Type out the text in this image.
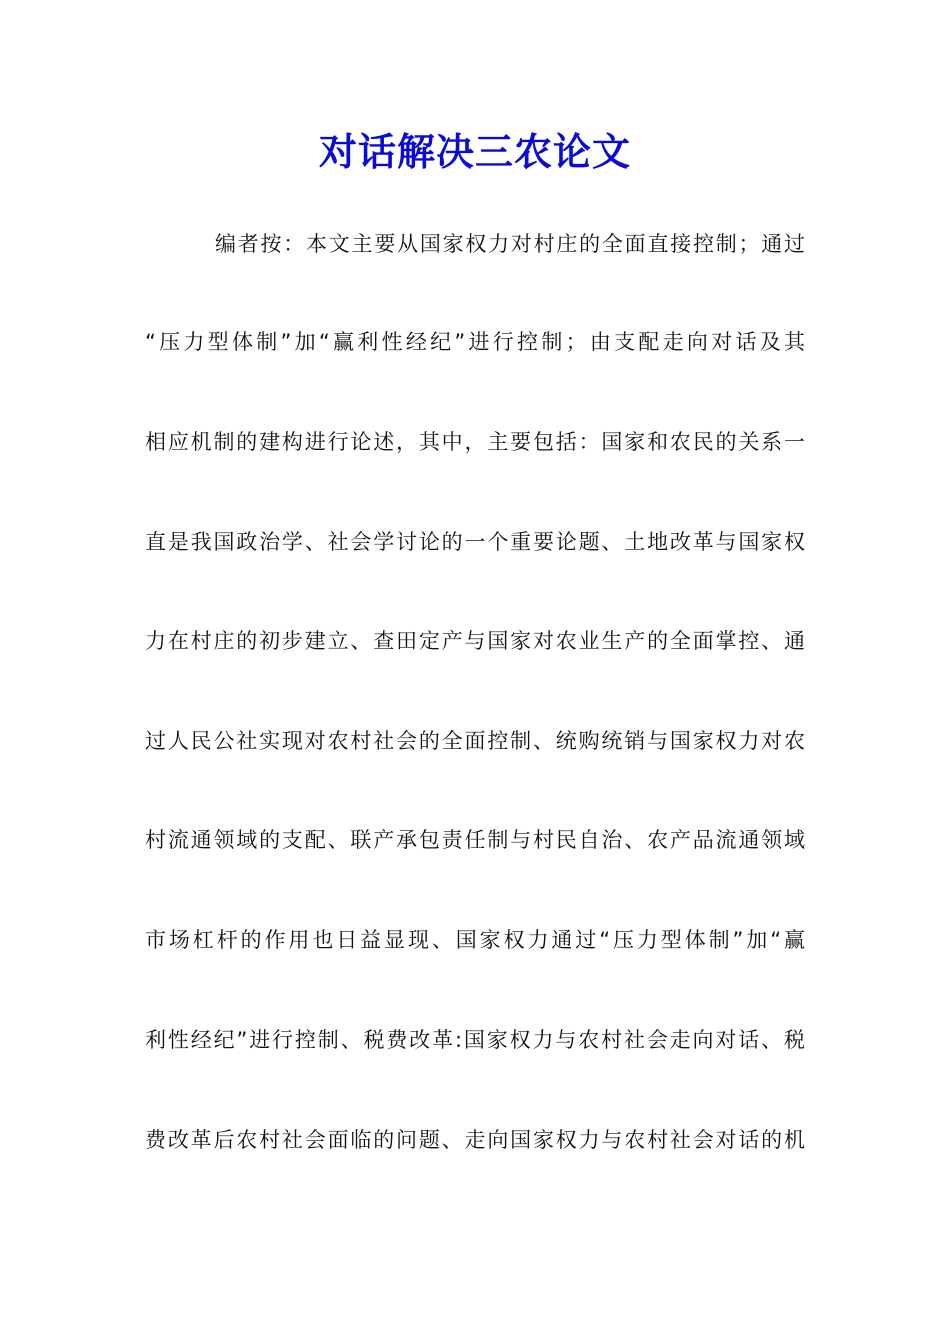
对话解决三农论文
编者按：本文主要从国家权力对村庄的全面直接控制；通过
“压力型体制”加“赢利性经纪”进行控制；由支配走向对话及其
相应机制的建构进行论述，其中，主要包括：国家和农民的关系一
直是我国政治学、社会学讨论的一个重要论题、土地改革与国家权
力在村庄的初步建立、查田定产与国家对农业生产的全面掌控、通
过人民公社实现对农村社会的全面控制、统购统销与国家权力对农
村流通领域的支配、联产承包责任制与村民自治、农产品流通领域
市场杠杆的作用也日益显现、国家权力通过“压力型体制”加“赢
利性经纪”进行控制、税费改革:国家权力与农村社会走向对话、税
费改革后农村社会面临的问题、走向国家权力与农村社会对话的机
